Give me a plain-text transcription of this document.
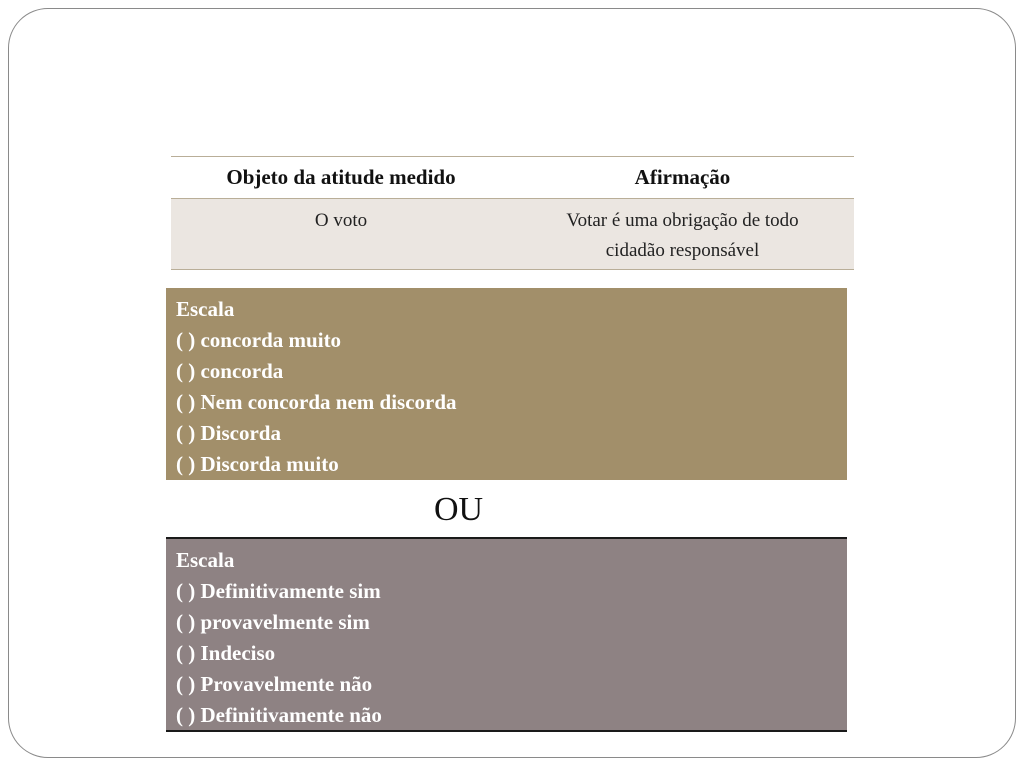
Objeto da atitude medido	Afirmação
O voto	Votar é uma obrigação de todo
cidadão responsável
Escala
( ) concorda muito
( ) concorda
( ) Nem concorda nem discorda
( ) Discorda
( ) Discorda muito
OU
Escala
( ) Definitivamente sim
( ) provavelmente sim
( ) Indeciso
( ) Provavelmente não
( ) Definitivamente não
